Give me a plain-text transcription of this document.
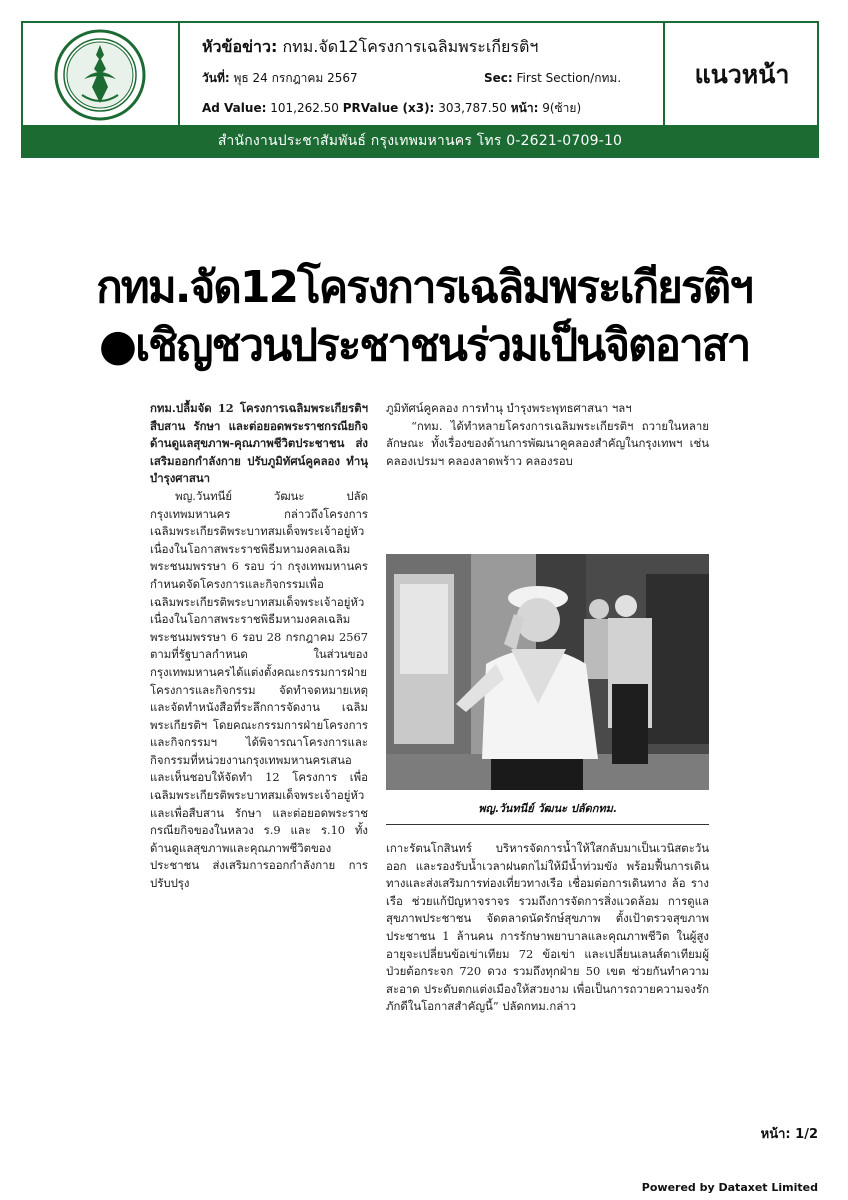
หัวข้อข่าว: กทม.จัด12โครงการเฉลิมพระเกียรติฯ
วันที่: พุธ 24 กรกฎาคม 2567	Sec: First Section/กทม.
Ad Value: 101,262.50 PRValue (x3): 303,787.50 หน้า: 9(ซ้าย)
แนวหน้า
สำนักงานประชาสัมพันธ์ กรุงเทพมหานคร โทร 0-2621-0709-10
กทม.จัด12โครงการเฉลิมพระเกียรติฯ
●เชิญชวนประชาชนร่วมเป็นจิตอาสา

กทม.ปลื้มจัด 12 โครงการเฉลิมพระเกียรติฯ สืบสาน รักษา และต่อยอดพระราชกรณียกิจ ด้านดูแลสุขภาพ-คุณภาพชีวิตประชาชน ส่งเสริมออกกำลังกาย ปรับภูมิทัศน์คูคลอง ทำนุบำรุงศาสนา

พญ.วันทนีย์ วัฒนะ ปลัดกรุงเทพมหานคร กล่าวถึงโครงการเฉลิมพระเกียรติพระบาทสมเด็จพระเจ้าอยู่หัว เนื่องในโอกาสพระราชพิธีมหามงคลเฉลิมพระชนมพรรษา 6 รอบ ว่า กรุงเทพมหานครกำหนดจัดโครงการและกิจกรรมเพื่อเฉลิมพระเกียรติพระบาทสมเด็จพระเจ้าอยู่หัว เนื่องในโอกาสพระราชพิธีมหามงคลเฉลิมพระชนมพรรษา 6 รอบ 28 กรกฎาคม 2567 ตามที่รัฐบาลกำหนด ในส่วนของกรุงเทพมหานครได้แต่งตั้งคณะกรรมการฝ่ายโครงการและกิจกรรม จัดทำจดหมายเหตุ และจัดทำหนังสือที่ระลึกการจัดงาน เฉลิมพระเกียรติฯ โดยคณะกรรมการฝ่ายโครงการและกิจกรรมฯ ได้พิจารณาโครงการและกิจกรรมที่หน่วยงานกรุงเทพมหานครเสนอและเห็นชอบให้จัดทำ 12 โครงการ เพื่อเฉลิมพระเกียรติพระบาทสมเด็จพระเจ้าอยู่หัว และเพื่อสืบสาน รักษา และต่อยอดพระราชกรณียกิจของในหลวง ร.9 และ ร.10 ทั้ง ด้านดูแลสุขภาพและคุณภาพชีวิตของประชาชน ส่งเสริมการออกกำลังกาย การปรับปรุง

ภูมิทัศน์คูคลอง การทำนุ บำรุงพระพุทธศาสนา ฯลฯ

“กทม. ได้ทำหลายโครงการเฉลิมพระเกียรติฯ ถวายในหลายลักษณะ ทั้งเรื่องของด้านการพัฒนาคูคลองสำคัญในกรุงเทพฯ เช่น คลองเปรมฯ คลองลาดพร้าว คลองรอบ

พญ.วันทนีย์ วัฒนะ ปลัดกทม.

เกาะรัตนโกสินทร์ บริหารจัดการน้ำให้ใสกลับมาเป็นเวนิสตะวันออก และรองรับน้ำเวลาฝนตกไม่ให้มีน้ำท่วมขัง พร้อมฟื้นการเดินทางและส่งเสริมการท่องเที่ยวทางเรือ เชื่อมต่อการเดินทาง ล้อ ราง เรือ ช่วยแก้ปัญหาจราจร รวมถึงการจัดการสิ่งแวดล้อม การดูแลสุขภาพประชาชน จัดตลาดนัดรักษ์สุขภาพ ตั้งเป้าตรวจสุขภาพประชาชน 1 ล้านคน การรักษาพยาบาลและคุณภาพชีวิต ในผู้สูงอายุจะเปลี่ยนข้อเข่าเทียม 72 ข้อเข่า และเปลี่ยนเลนส์ตาเทียมผู้ป่วยต้อกระจก 720 ดวง รวมถึงทุกฝ่าย 50 เขต ช่วยกันทำความสะอาด ประดับตกแต่งเมืองให้สวยงาม เพื่อเป็นการถวายความจงรักภักดีในโอกาสสำคัญนี้” ปลัดกทม.กล่าว

หน้า: 1/2
Powered by Dataxet Limited
